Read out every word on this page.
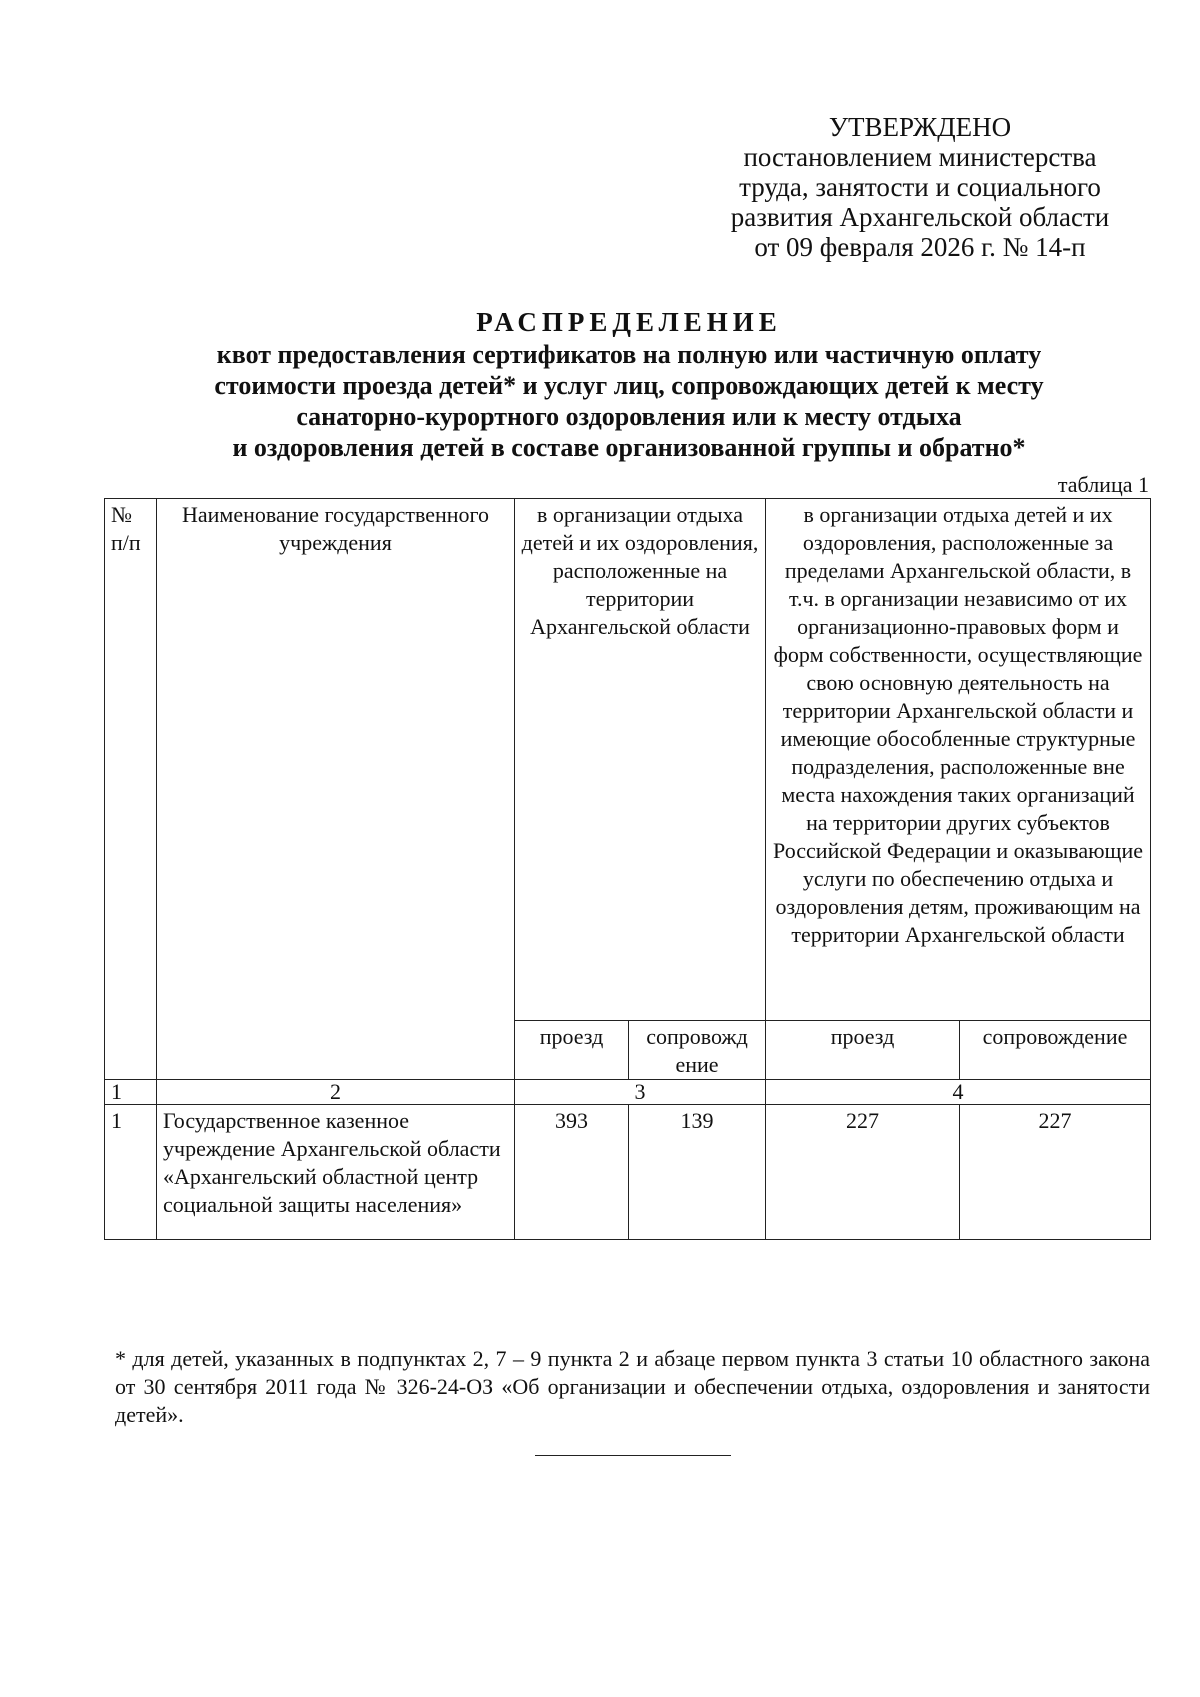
УТВЕРЖДЕНО
постановлением министерства
труда, занятости и социального
развития Архангельской области
от 09 февраля 2026 г. № 14-п
РАСПРЕДЕЛЕНИЕ
квот предоставления сертификатов на полную или частичную оплату
стоимости проезда детей* и услуг лиц, сопровождающих детей к месту
санаторно-курортного оздоровления или к месту отдыха
и оздоровления детей в составе организованной группы и обратно*
таблица 1
№ п/п	Наименование государственного учреждения	в организации отдыха детей и их оздоровления, расположенные на территории Архангельской области		в организации отдыха детей и их оздоровления, расположенные за пределами Архангельской области, в т.ч. в организации независимо от их организационно-правовых форм и форм собственности, осуществляющие свою основную деятельность на территории Архангельской области и имеющие обособленные структурные подразделения, расположенные вне места нахождения таких организаций на территории других субъектов Российской Федерации и оказывающие услуги по обеспечению отдыха и оздоровления детям, проживающим на территории Архангельской области	
		проезд	сопровожд ение	проезд	сопровождение
1	2	3		4	
1	Государственное казенное учреждение Архангельской области «Архангельский областной центр социальной защиты населения»	393	139	227	227
* для детей, указанных в подпунктах 2, 7 – 9 пункта 2 и абзаце первом пункта 3 статьи 10 областного закона от 30 сентября 2011 года № 326-24-ОЗ «Об организации и обеспечении отдыха, оздоровления и занятости детей».
